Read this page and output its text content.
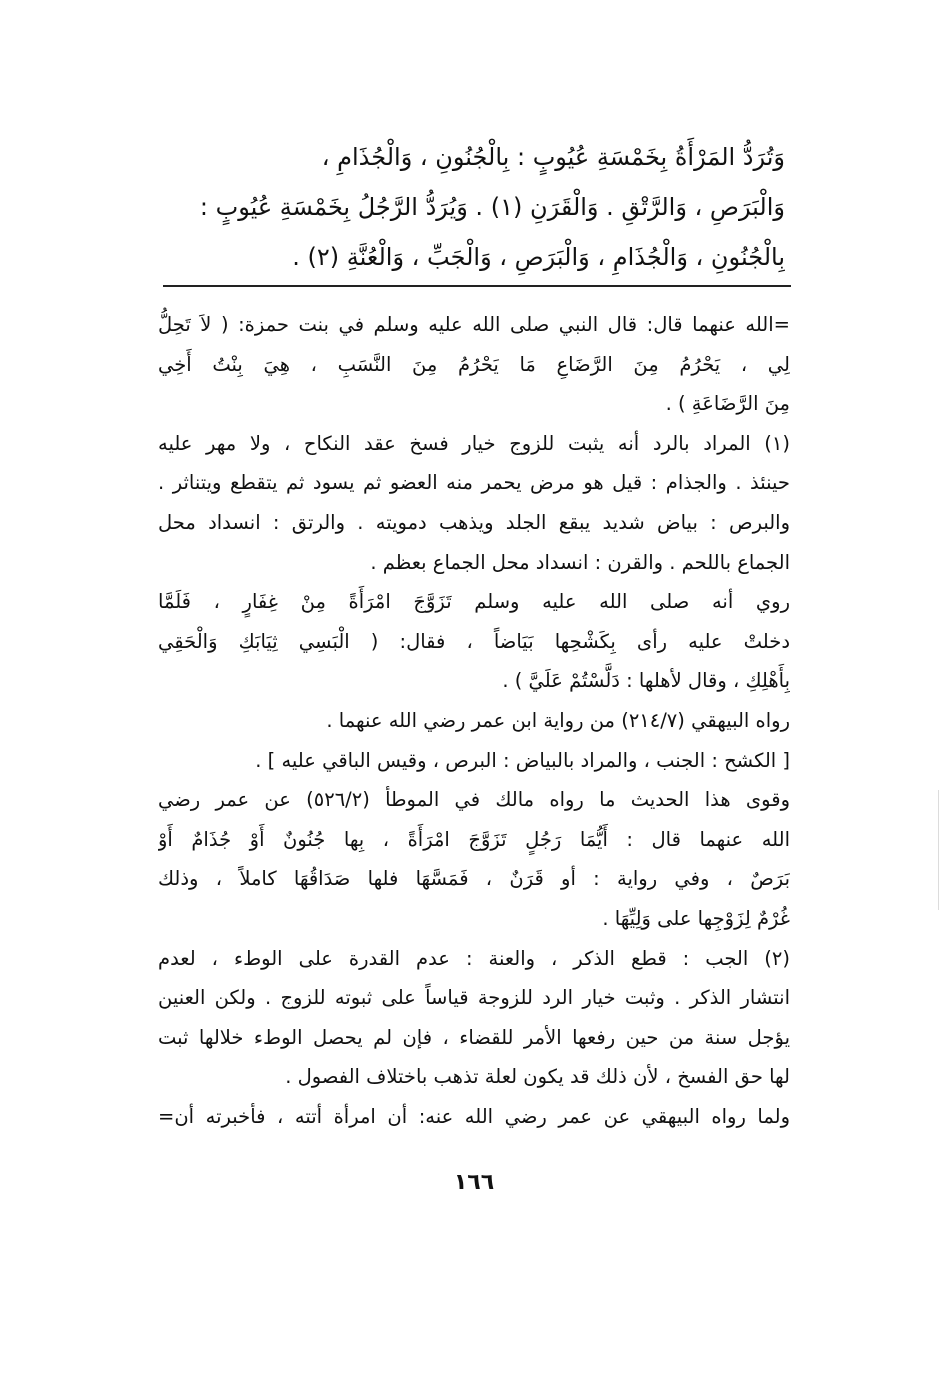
وَتُرَدُّ المَرْأَةُ بِخَمْسَةِ عُيُوبٍ : بِالْجُنُونِ ، وَالْجُذَامِ ،
وَالْبَرَصِ ، وَالرَّتْقِ . وَالْقَرَنِ (١) . وَيُرَدُّ الرَّجُلُ بِخَمْسَةِ عُيُوبٍ :
بِالْجُنُونِ ، وَالْجُذَامِ ، وَالْبَرَصِ ، وَالْجَبِّ ، وَالْعُنَّةِ (٢) .
=الله عنهما قال: قال النبي صلى الله عليه وسلم في بنت حمزة: ( لاَ تَحِلُّ
لِي ، يَحْرُمُ مِنَ الرَّضَاعِ مَا يَحْرُمُ مِنَ النَّسَبِ ، هِيَ بِنْتُ أَخِي
مِنَ الرَّضَاعَةِ ) .
(١) المراد بالرد أنه يثبت للزوج خيار فسخ عقد النكاح ، ولا مهر عليه
حينئذ . والجذام : قيل هو مرض يحمر منه العضو ثم يسود ثم يتقطع ويتناثر .
والبرص : بياض شديد يبقع الجلد ويذهب دمويته . والرتق : انسداد محل
الجماع باللحم . والقرن : انسداد محل الجماع بعظم .
روي أنه صلى الله عليه وسلم تَزَوَّجَ امْرَأَةً مِنْ غِفَارٍ ، فَلَمَّا
دخلتْ عليه رأى بِكَشْحِها بَيَاضاً ، فقال: ( الْبَسِي ثِيَابَكِ وَالْحَقِي
بِأَهْلِكِ ، وقال لأهلها : دَلَّسْتُمْ عَلَيَّ ) .
رواه البيهقي (٢١٤/٧) من رواية ابن عمر رضي الله عنهما .
[ الكشح : الجنب ، والمراد بالبياض : البرص ، وقيس الباقي عليه ] .
وقوى هذا الحديث ما رواه مالك في الموطأ (٥٢٦/٢) عن عمر رضي
الله عنهما قال : أَيُّمَا رَجُلٍ تَزَوَّجَ امْرَأَةً ، بِها جُنُونٌ أَوْ جُذَامٌ أَوْ
بَرَصٌ ، وفي رواية : أو قَرَنٌ ، فَمَسَّهَا فلها صَدَاقُهَا كاملاً ، وذلك
غُرْمٌ لِزَوْجِها على وَلِيِّهَا .
(٢) الجب : قطع الذكر ، والعنة : عدم القدرة على الوطء ، لعدم
انتشار الذكر . وثبت خيار الرد للزوجة قياساً على ثبوته للزوج . ولكن العنين
يؤجل سنة من حين رفعها الأمر للقضاء ، فإن لم يحصل الوطء خلالها ثبت
لها حق الفسخ ، لأن ذلك قد يكون لعلة تذهب باختلاف الفصول .
ولما رواه البيهقي عن عمر رضي الله عنه: أن امرأة أتته ، فأخبرته أن=
١٦٦
